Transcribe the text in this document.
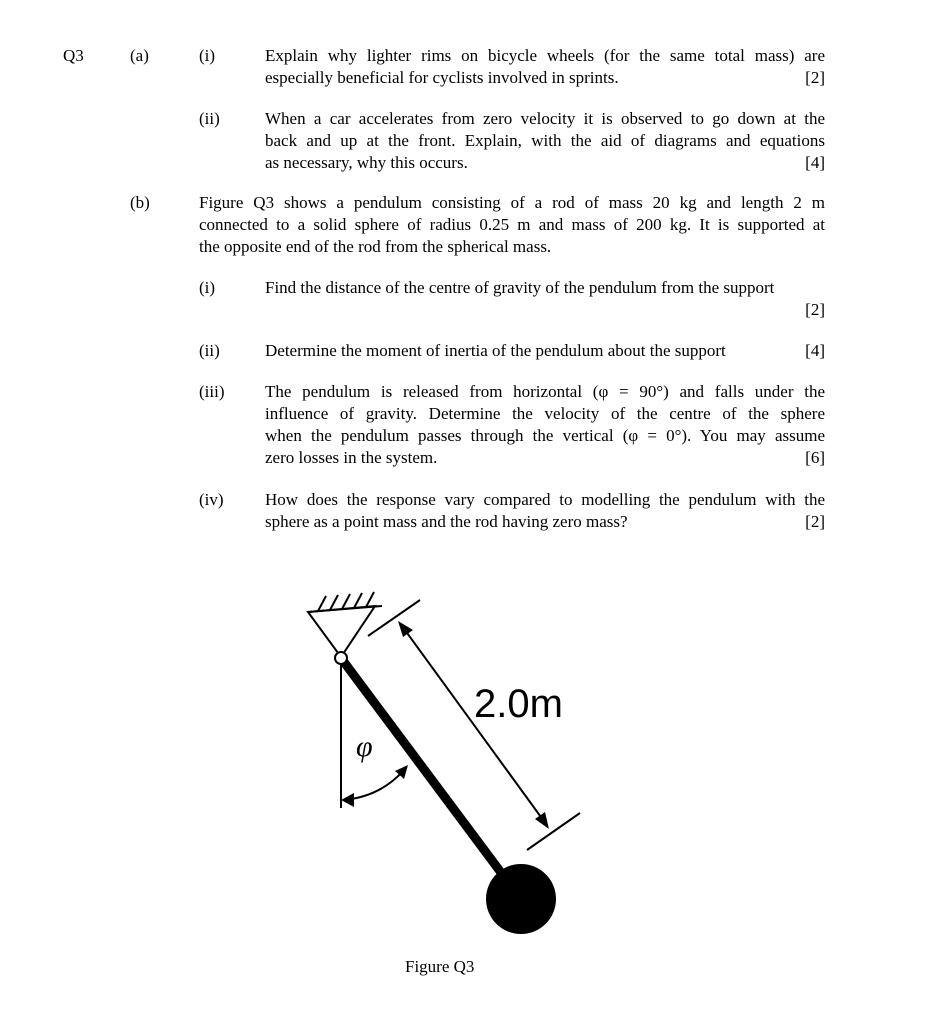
Q3	(a)	(i)	Explain why lighter rims on bicycle wheels (for the same total mass) are
especially beneficial for cyclists involved in sprints.	[2]
(ii)	When a car accelerates from zero velocity it is observed to go down at the
back and up at the front. Explain, with the aid of diagrams and equations
as necessary, why this occurs.	[4]
(b)	Figure Q3 shows a pendulum consisting of a rod of mass 20 kg and length 2 m
connected to a solid sphere of radius 0.25 m and mass of 200 kg. It is supported at
the opposite end of the rod from the spherical mass.
(i)	Find the distance of the centre of gravity of the pendulum from the support
[2]
(ii)	Determine the moment of inertia of the pendulum about the support	[4]
(iii) The pendulum is released from horizontal (φ = 90°) and falls under the
influence of gravity. Determine the velocity of the centre of the sphere
when the pendulum passes through the vertical (φ = 0°). You may assume
zero losses in the system.	[6]
(iv) How does the response vary compared to modelling the pendulum with the
sphere as a point mass and the rod having zero mass?	[2]
2.0m
φ
Figure Q3
